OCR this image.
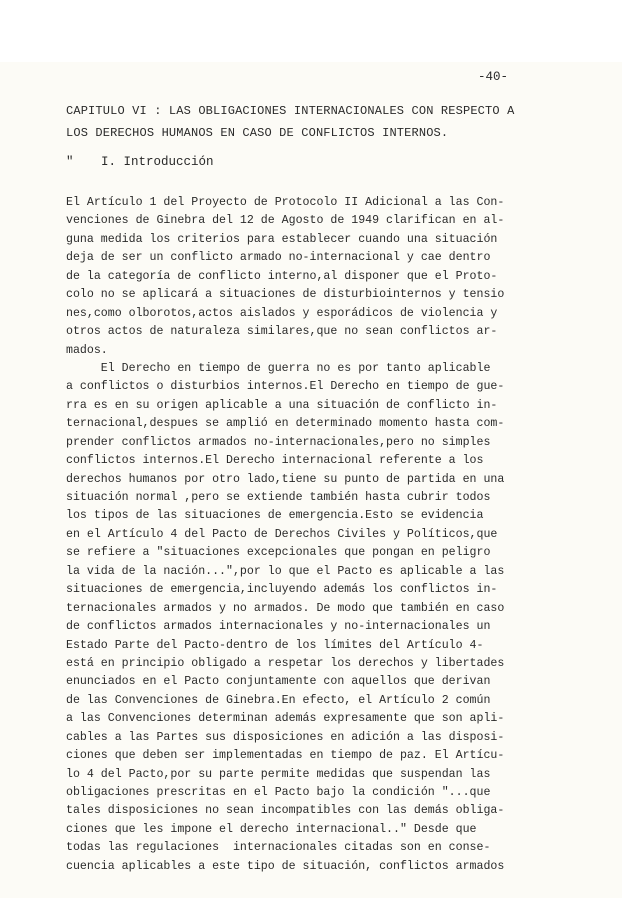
-40-
CAPITULO VI : LAS OBLIGACIONES INTERNACIONALES CON RESPECTO A
LOS DERECHOS HUMANOS EN CASO DE CONFLICTOS INTERNOS.
" I. Introducción
El Artículo 1 del Proyecto de Protocolo II Adicional a las Con-
venciones de Ginebra del 12 de Agosto de 1949 clarifican en al-
guna medida los criterios para establecer cuando una situación
deja de ser un conflicto armado no-internacional y cae dentro
de la categoría de conflicto interno,al disponer que el Proto-
colo no se aplicará a situaciones de disturbiointernos y tensio
nes,como olborotos,actos aislados y esporádicos de violencia y
otros actos de naturaleza similares,que no sean conflictos ar-
mados.
El Derecho en tiempo de guerra no es por tanto aplicable
a conflictos o disturbios internos.El Derecho en tiempo de gue-
rra es en su origen aplicable a una situación de conflicto in-
ternacional,despues se amplió en determinado momento hasta com-
prender conflictos armados no-internacionales,pero no simples
conflictos internos.El Derecho internacional referente a los
derechos humanos por otro lado,tiene su punto de partida en una
situación normal ,pero se extiende también hasta cubrir todos
los tipos de las situaciones de emergencia.Esto se evidencia
en el Artículo 4 del Pacto de Derechos Civiles y Políticos,que
se refiere a "situaciones excepcionales que pongan en peligro
la vida de la nación...",por lo que el Pacto es aplicable a las
situaciones de emergencia,incluyendo además los conflictos in-
ternacionales armados y no armados. De modo que también en caso
de conflictos armados internacionales y no-internacionales un
Estado Parte del Pacto-dentro de los límites del Artículo 4-
está en principio obligado a respetar los derechos y libertades
enunciados en el Pacto conjuntamente con aquellos que derivan
de las Convenciones de Ginebra.En efecto, el Artículo 2 común
a las Convenciones determinan además expresamente que son apli-
cables a las Partes sus disposiciones en adición a las disposi-
ciones que deben ser implementadas en tiempo de paz. El Artícu-
lo 4 del Pacto,por su parte permite medidas que suspendan las
obligaciones prescritas en el Pacto bajo la condición "...que
tales disposiciones no sean incompatibles con las demás obliga-
ciones que les impone el derecho internacional.." Desde que
todas las regulaciones  internacionales citadas son en conse-
cuencia aplicables a este tipo de situación, conflictos armados
